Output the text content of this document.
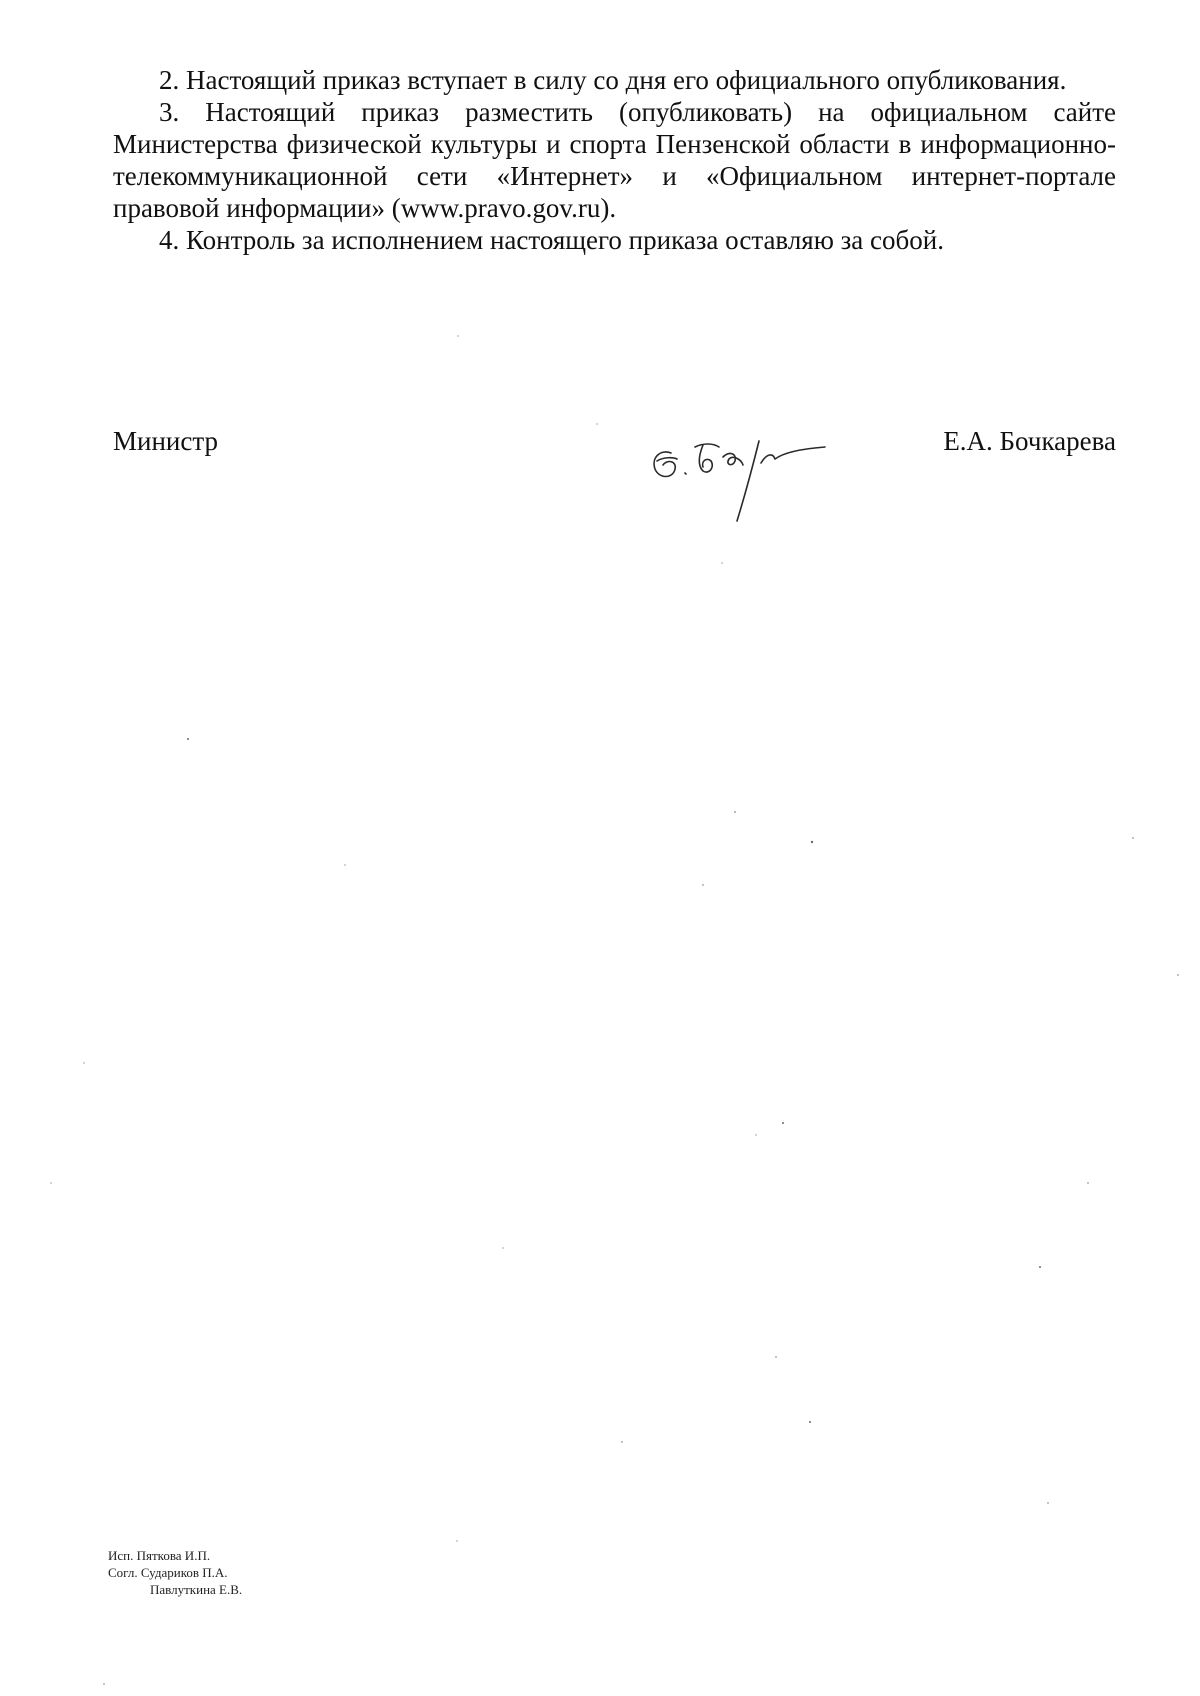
2. Настоящий приказ вступает в силу со дня его официального опубликования.

3. Настоящий приказ разместить (опубликовать) на официальном сайте Министерства физической культуры и спорта Пензенской области в информационно-телекоммуникационной сети «Интернет» и «Официальном интернет-портале правовой информации» (www.pravo.gov.ru).

4. Контроль за исполнением настоящего приказа оставляю за собой.

Министр	Е.А. Бочкарева
Исп. Пяткова И.П.
Согл. Судариков П.А.
Павлуткина Е.В.
